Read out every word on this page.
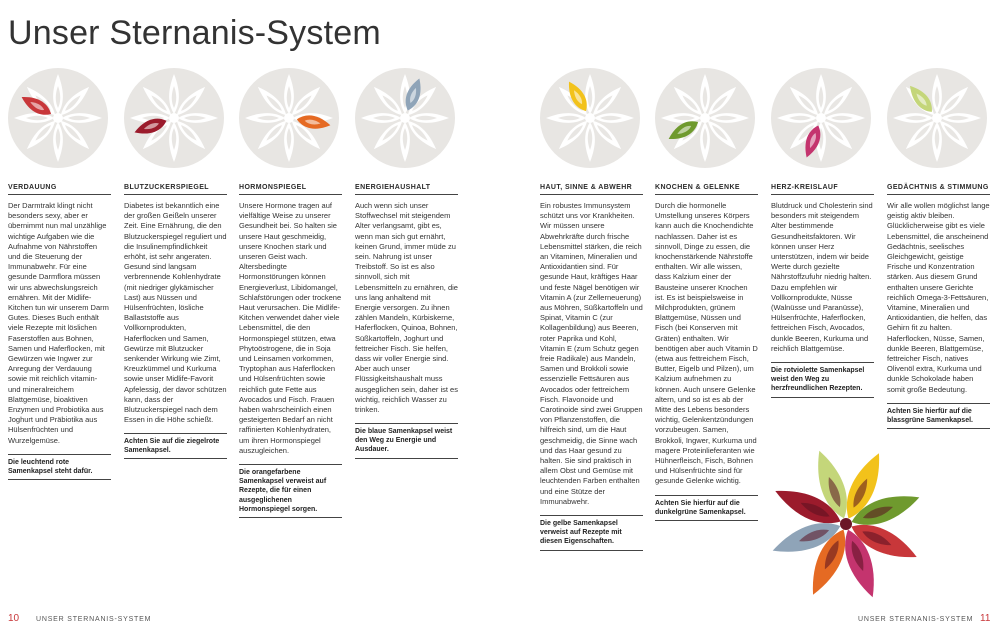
Unser Sternanis-System
VERDAUUNG
Der Darmtrakt klingt nicht besonders sexy, aber er übernimmt nun mal unzählige wichtige Aufgaben wie die Aufnahme von Nährstoffen und die Steuerung der Immunabwehr. Für eine gesunde Darmflora müssen wir uns abwechslungsreich ernähren. Mit der Midlife-Kitchen tun wir unserem Darm Gutes. Dieses Buch enthält viele Rezepte mit löslichen Faserstoffen aus Bohnen, Samen und Haferflocken, mit Gewürzen wie Ingwer zur Anregung der Verdauung sowie mit reichlich vitamin- und mineralreichem Blattgemüse, bioaktiven Enzymen und Probiotika aus Joghurt und Präbiotika aus Hülsenfrüchten und Wurzelgemüse.
Die leuchtend rote Samenkapsel steht dafür.
BLUTZUCKERSPIEGEL
Diabetes ist bekanntlich eine der großen Geißeln unserer Zeit. Eine Ernährung, die den Blutzuckerspiegel reguliert und die Insulinempfindlichkeit erhöht, ist sehr angeraten. Gesund sind langsam verbrennende Kohlenhydrate (mit niedriger glykämischer Last) aus Nüssen und Hülsenfrüchten, lösliche Ballaststoffe aus Vollkornprodukten, Haferflocken und Samen, Gewürze mit Blutzucker senkender Wirkung wie Zimt, Kreuzkümmel und Kurkuma sowie unser Midlife-Favorit Apfelessig, der davor schützen kann, dass der Blutzuckerspiegel nach dem Essen in die Höhe schießt.
Achten Sie auf die ziegelrote Samenkapsel.
HORMONSPIEGEL
Unsere Hormone tragen auf vielfältige Weise zu unserer Gesundheit bei. So halten sie unsere Haut geschmeidig, unsere Knochen stark und unseren Geist wach. Altersbedingte Hormonstörungen können Energieverlust, Libidomangel, Schlafstörungen oder trockene Haut verursachen. Die Midlife-Kitchen verwendet daher viele Lebensmittel, die den Hormonspiegel stützen, etwa Phytoöstrogene, die in Soja und Leinsamen vorkommen, Tryptophan aus Haferflocken und Hülsenfrüchten sowie reichlich gute Fette aus Avocados und Fisch. Frauen haben wahrscheinlich einen gesteigerten Bedarf an nicht raffinierten Kohlenhydraten, um ihren Hormonspiegel auszugleichen.
Die orangefarbene Samenkapsel verweist auf Rezepte, die für einen ausgeglichenen Hormonspiegel sorgen.
ENERGIEHAUSHALT
Auch wenn sich unser Stoffwechsel mit steigendem Alter verlangsamt, gibt es, wenn man sich gut ernährt, keinen Grund, immer müde zu sein. Nahrung ist unser Treibstoff. So ist es also sinnvoll, sich mit Lebensmitteln zu ernähren, die uns lang anhaltend mit Energie versorgen. Zu ihnen zählen Mandeln, Kürbiskerne, Haferflocken, Quinoa, Bohnen, Süßkartoffeln, Joghurt und fettreicher Fisch. Sie helfen, dass wir voller Energie sind. Aber auch unser Flüssigkeitshaushalt muss ausgeglichen sein, daher ist es wichtig, reichlich Wasser zu trinken.
Die blaue Samenkapsel weist den Weg zu Energie und Ausdauer.
HAUT, SINNE & ABWEHR
Ein robustes Immunsystem schützt uns vor Krankheiten. Wir müssen unsere Abwehrkräfte durch frische Lebensmittel stärken, die reich an Vitaminen, Mineralien und Antioxidantien sind. Für gesunde Haut, kräftiges Haar und feste Nägel benötigen wir Vitamin A (zur Zellerneuerung) aus Möhren, Süßkartoffeln und Spinat, Vitamin C (zur Kollagenbildung) aus Beeren, roter Paprika und Kohl, Vitamin E (zum Schutz gegen freie Radikale) aus Mandeln, Samen und Brokkoli sowie essenzielle Fettsäuren aus Avocados oder fettreichem Fisch. Flavonoide und Carotinoide sind zwei Gruppen von Pflanzenstoffen, die hilfreich sind, um die Haut geschmeidig, die Sinne wach und das Haar gesund zu halten. Sie sind praktisch in allem Obst und Gemüse mit leuchtenden Farben enthalten und eine Stütze der Immunabwehr.
Die gelbe Samenkapsel verweist auf Rezepte mit diesen Eigenschaften.
KNOCHEN & GELENKE
Durch die hormonelle Umstellung unseres Körpers kann auch die Knochendichte nachlassen. Daher ist es sinnvoll, Dinge zu essen, die knochenstärkende Nährstoffe enthalten. Wir alle wissen, dass Kalzium einer der Bausteine unserer Knochen ist. Es ist beispielsweise in Milchprodukten, grünem Blattgemüse, Nüssen und Fisch (bei Konserven mit Gräten) enthalten. Wir benötigen aber auch Vitamin D (etwa aus fettreichem Fisch, Butter, Eigelb und Pilzen), um Kalzium aufnehmen zu können. Auch unsere Gelenke altern, und so ist es ab der Mitte des Lebens besonders wichtig, Gelenkentzündungen vorzubeugen. Samen, Brokkoli, Ingwer, Kurkuma und magere Proteinlieferanten wie Hühnerfleisch, Fisch, Bohnen und Hülsenfrüchte sind für gesunde Gelenke wichtig.
Achten Sie hierfür auf die dunkelgrüne Samenkapsel.
HERZ-KREISLAUF
Blutdruck und Cholesterin sind besonders mit steigendem Alter bestimmende Gesundheitsfaktoren. Wir können unser Herz unterstützen, indem wir beide Werte durch gezielte Nährstoffzufuhr niedrig halten. Dazu empfehlen wir Vollkornprodukte, Nüsse (Walnüsse und Paranüsse), Hülsenfrüchte, Haferflocken, fettreichen Fisch, Avocados, dunkle Beeren, Kurkuma und reichlich Blattgemüse.
Die rotviolette Samenkapsel weist den Weg zu herzfreundlichen Rezepten.
GEDÄCHTNIS & STIMMUNG
Wir alle wollen möglichst lange geistig aktiv bleiben. Glücklicherweise gibt es viele Lebensmittel, die anscheinend Gedächtnis, seelisches Gleichgewicht, geistige Frische und Konzentration stärken. Aus diesem Grund enthalten unsere Gerichte reichlich Omega-3-Fettsäuren, Vitamine, Mineralien und Antioxidantien, die helfen, das Gehirn fit zu halten. Haferflocken, Nüsse, Samen, dunkle Beeren, Blattgemüse, fettreicher Fisch, natives Olivenöl extra, Kurkuma und dunkle Schokolade haben somit große Bedeutung.
Achten Sie hierfür auf die blassgrüne Samenkapsel.
10 UNSER STERNANIS-SYSTEM	UNSER STERNANIS-SYSTEM 11
